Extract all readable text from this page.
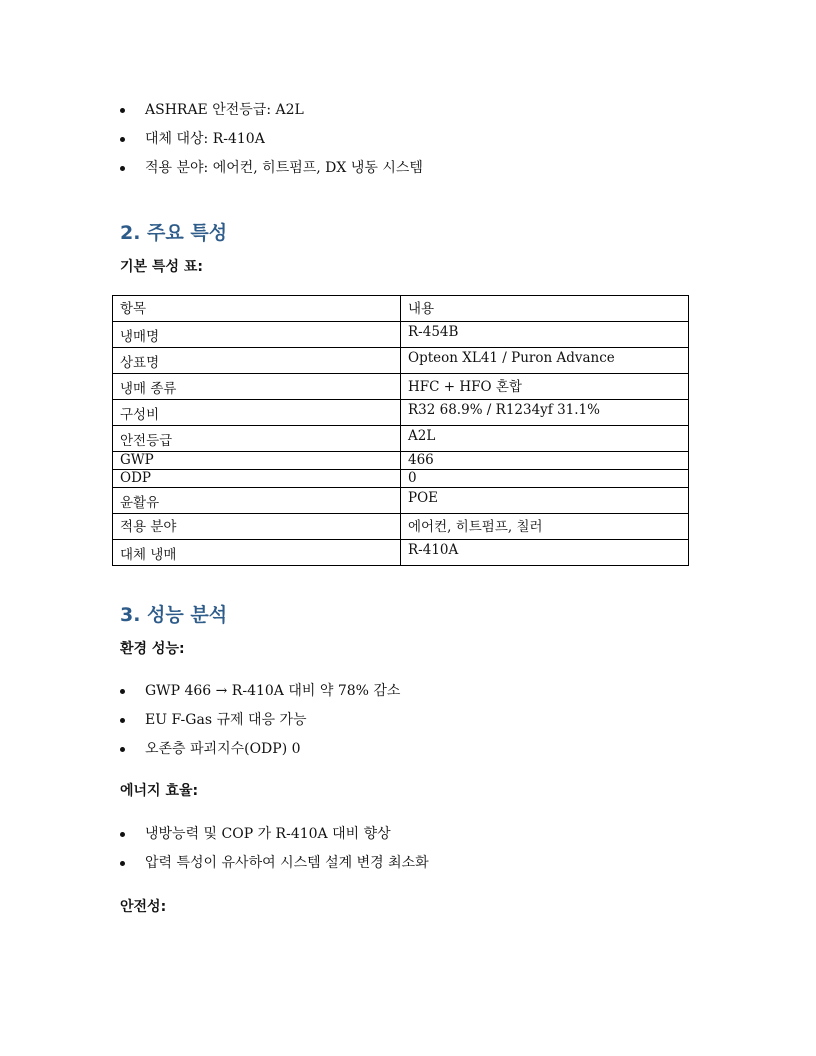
ASHRAE 안전등급: A2L
대체 대상: R-410A
적용 분야: 에어컨, 히트펌프, DX 냉동 시스템
2. 주요 특성

기본 특성 표:

항목	내용
냉매명	R-454B
상표명	Opteon XL41 / Puron Advance
냉매 종류	HFC + HFO 혼합
구성비	R32 68.9% / R1234yf 31.1%
안전등급	A2L
GWP	466
ODP	0
윤활유	POE
적용 분야	에어컨, 히트펌프, 칠러
대체 냉매	R-410A
3. 성능 분석

환경 성능:

GWP 466 → R-410A 대비 약 78% 감소
EU F-Gas 규제 대응 가능
오존층 파괴지수(ODP) 0

에너지 효율:

냉방능력 및 COP 가 R-410A 대비 향상
압력 특성이 유사하여 시스템 설계 변경 최소화

안전성:
